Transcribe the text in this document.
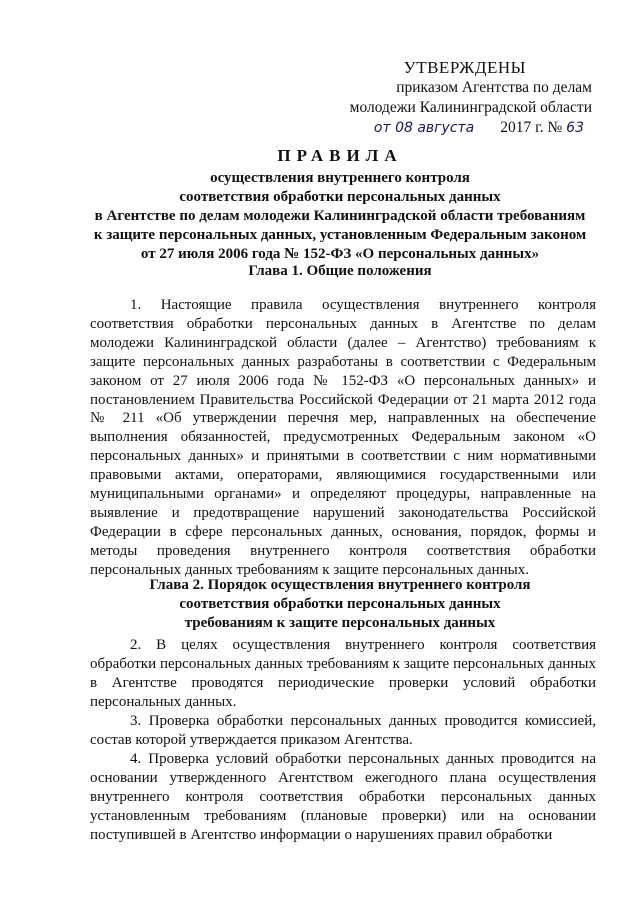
УТВЕРЖДЕНЫ
приказом Агентства по делам
молодежи Калининградской области
от 08 августа 2017 г. № 63
ПРАВИЛА
осуществления внутреннего контроля
соответствия обработки персональных данных
в Агентстве по делам молодежи Калининградской области требованиям
к защите персональных данных, установленным Федеральным законом
от 27 июля 2006 года № 152-ФЗ «О персональных данных»
Глава 1. Общие положения

1. Настоящие правила осуществления внутреннего контроля соответствия обработки персональных данных в Агентстве по делам молодежи Калининградской области (далее – Агентство) требованиям к защите персональных данных разработаны в соответствии с Федеральным законом от 27 июля 2006 года № 152-ФЗ «О персональных данных» и постановлением Правительства Российской Федерации от 21 марта 2012 года № 211 «Об утверждении перечня мер, направленных на обеспечение выполнения обязанностей, предусмотренных Федеральным законом «О персональных данных» и принятыми в соответствии с ним нормативными правовыми актами, операторами, являющимися государственными или муниципальными органами» и определяют процедуры, направленные на выявление и предотвращение нарушений законодательства Российской Федерации в сфере персональных данных, основания, порядок, формы и методы проведения внутреннего контроля соответствия обработки персональных данных требованиям к защите персональных данных.

Глава 2. Порядок осуществления внутреннего контроля
соответствия обработки персональных данных
требованиям к защите персональных данных

2. В целях осуществления внутреннего контроля соответствия обработки персональных данных требованиям к защите персональных данных в Агентстве проводятся периодические проверки условий обработки персональных данных.

3. Проверка обработки персональных данных проводится комиссией, состав которой утверждается приказом Агентства.

4. Проверка условий обработки персональных данных проводится на основании утвержденного Агентством ежегодного плана осуществления внутреннего контроля соответствия обработки персональных данных установленным требованиям (плановые проверки) или на основании поступившей в Агентство информации о нарушениях правил обработки
